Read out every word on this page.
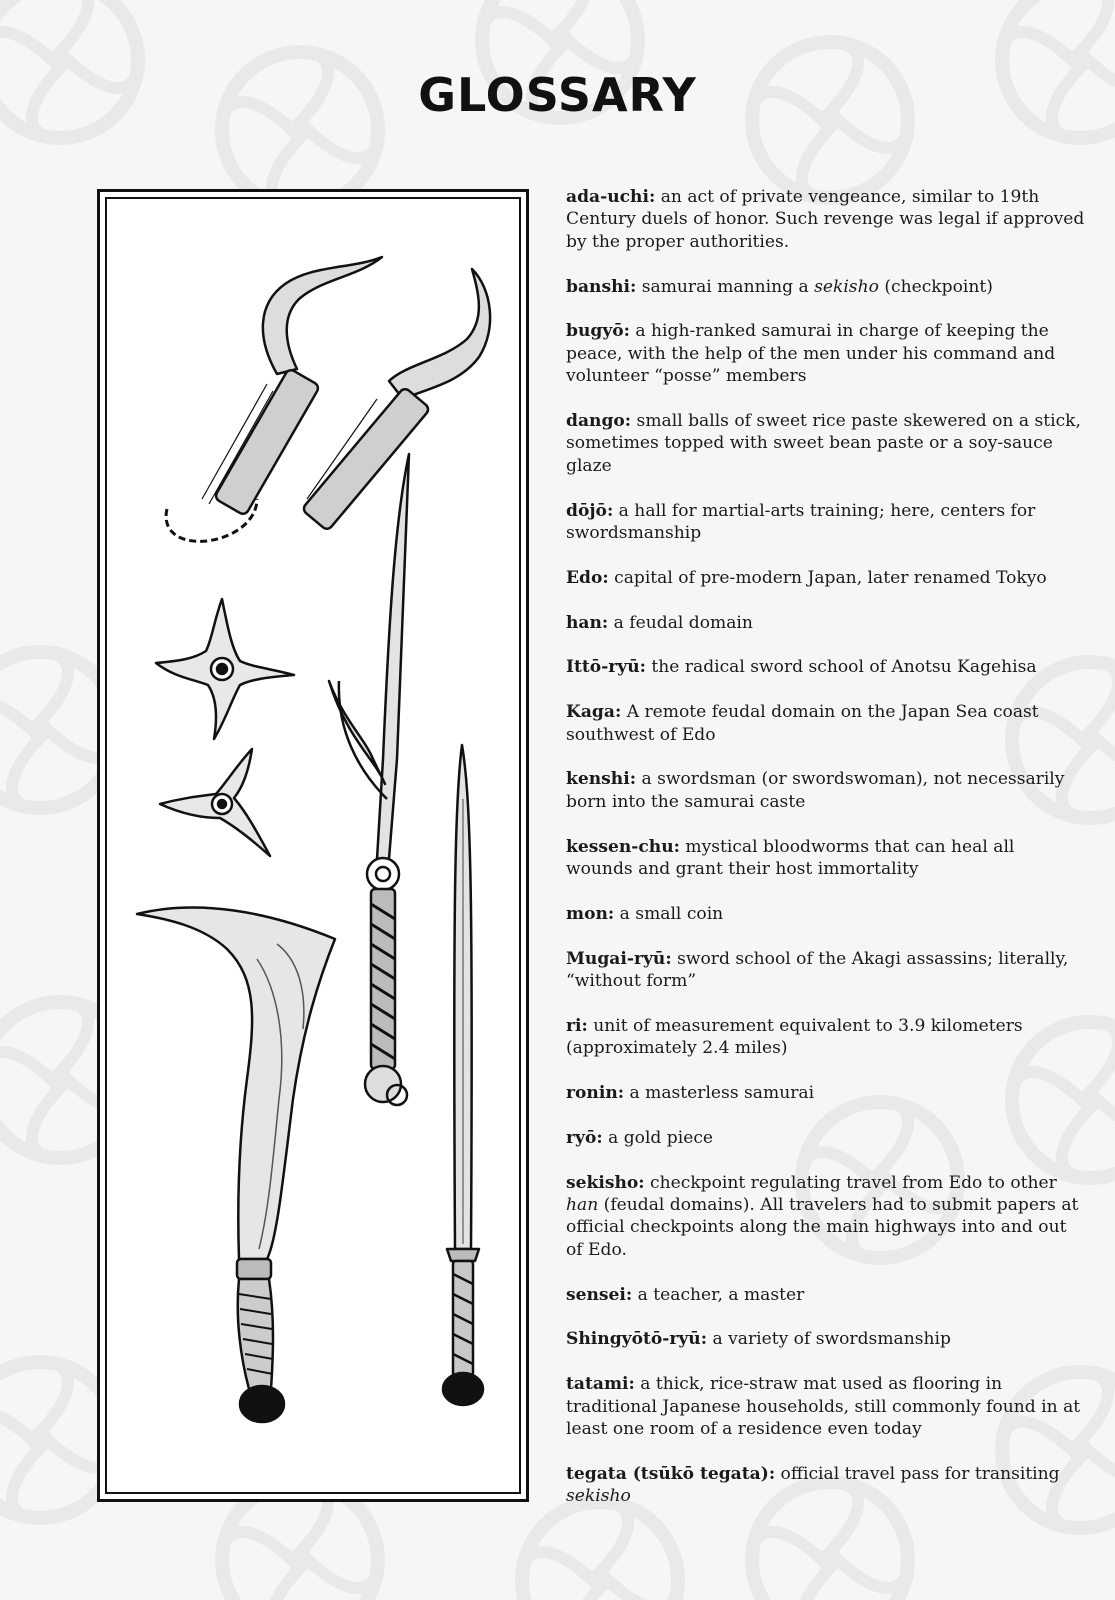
GLOSSARY
ada-uchi: an act of private vengeance, similar to 19th Century duels of honor. Such revenge was legal if approved by the proper authorities.
banshi: samurai manning a sekisho (checkpoint)
bugyō: a high-ranked samurai in charge of keeping the peace, with the help of the men under his command and volunteer “posse” members
dango: small balls of sweet rice paste skewered on a stick, sometimes topped with sweet bean paste or a soy-sauce glaze
dōjō: a hall for martial-arts training; here, centers for swordsmanship
Edo: capital of pre-modern Japan, later renamed Tokyo
han: a feudal domain
Ittō-ryū: the radical sword school of Anotsu Kagehisa
Kaga: A remote feudal domain on the Japan Sea coast southwest of Edo
kenshi: a swordsman (or swordswoman), not necessarily born into the samurai caste
kessen-chu: mystical bloodworms that can heal all wounds and grant their host immortality
mon: a small coin
Mugai-ryū: sword school of the Akagi assassins; literally, “without form”
ri: unit of measurement equivalent to 3.9 kilometers (approximately 2.4 miles)
ronin: a masterless samurai
ryō: a gold piece
sekisho: checkpoint regulating travel from Edo to other han (feudal domains). All travelers had to submit papers at official checkpoints along the main highways into and out of Edo.
sensei: a teacher, a master
Shingyōtō-ryū: a variety of swordsmanship
tatami: a thick, rice-straw mat used as flooring in traditional Japanese households, still commonly found in at least one room of a residence even today
tegata (tsūkō tegata): official travel pass for transiting sekisho
